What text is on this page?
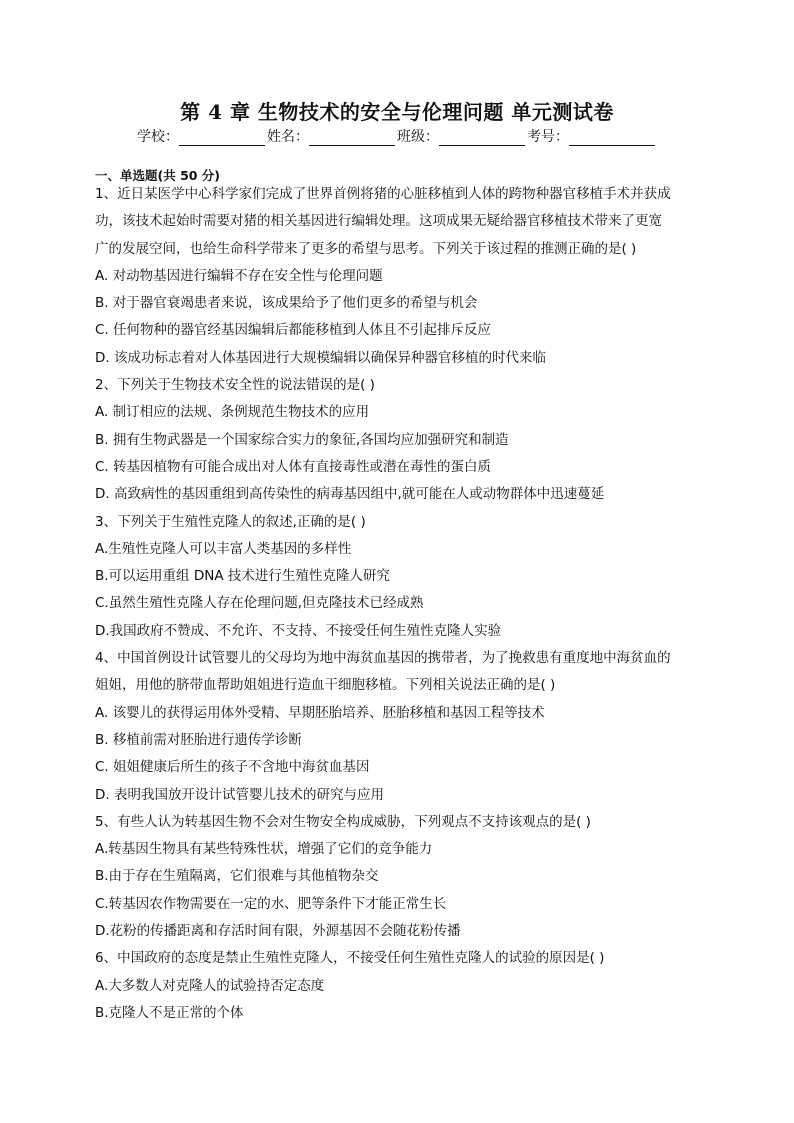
第 4 章 生物技术的安全与伦理问题 单元测试卷
学校：	姓名：	班级：	考号：
一、单选题(共 50 分)
1、近日某医学中心科学家们完成了世界首例将猪的心脏移植到人体的跨物种器官移植手术并获成
功，该技术起始时需要对猪的相关基因进行编辑处理。这项成果无疑给器官移植技术带来了更宽
广的发展空间，也给生命科学带来了更多的希望与思考。下列关于该过程的推测正确的是( )
A. 对动物基因进行编辑不存在安全性与伦理问题
B. 对于器官衰竭患者来说，该成果给予了他们更多的希望与机会
C. 任何物种的器官经基因编辑后都能移植到人体且不引起排斥反应
D. 该成功标志着对人体基因进行大规模编辑以确保异种器官移植的时代来临
2、下列关于生物技术安全性的说法错误的是( )
A. 制订相应的法规、条例规范生物技术的应用
B. 拥有生物武器是一个国家综合实力的象征,各国均应加强研究和制造
C. 转基因植物有可能合成出对人体有直接毒性或潜在毒性的蛋白质
D. 高致病性的基因重组到高传染性的病毒基因组中,就可能在人或动物群体中迅速蔓延
3、下列关于生殖性克隆人的叙述,正确的是( )
A.生殖性克隆人可以丰富人类基因的多样性
B.可以运用重组 DNA 技术进行生殖性克隆人研究
C.虽然生殖性克隆人存在伦理问题,但克隆技术已经成熟
D.我国政府不赞成、不允许、不支持、不接受任何生殖性克隆人实验
4、中国首例设计试管婴儿的父母均为地中海贫血基因的携带者，为了挽救患有重度地中海贫血的
姐姐，用他的脐带血帮助姐姐进行造血干细胞移植。下列相关说法正确的是( )
A. 该婴儿的获得运用体外受精、早期胚胎培养、胚胎移植和基因工程等技术
B. 移植前需对胚胎进行遗传学诊断
C. 姐姐健康后所生的孩子不含地中海贫血基因
D. 表明我国放开设计试管婴儿技术的研究与应用
5、有些人认为转基因生物不会对生物安全构成威胁，下列观点不支持该观点的是( )
A.转基因生物具有某些特殊性状，增强了它们的竞争能力
B.由于存在生殖隔离，它们很难与其他植物杂交
C.转基因农作物需要在一定的水、肥等条件下才能正常生长
D.花粉的传播距离和存活时间有限，外源基因不会随花粉传播
6、中国政府的态度是禁止生殖性克隆人，不接受任何生殖性克隆人的试验的原因是( )
A.大多数人对克隆人的试验持否定态度
B.克隆人不是正常的个体
